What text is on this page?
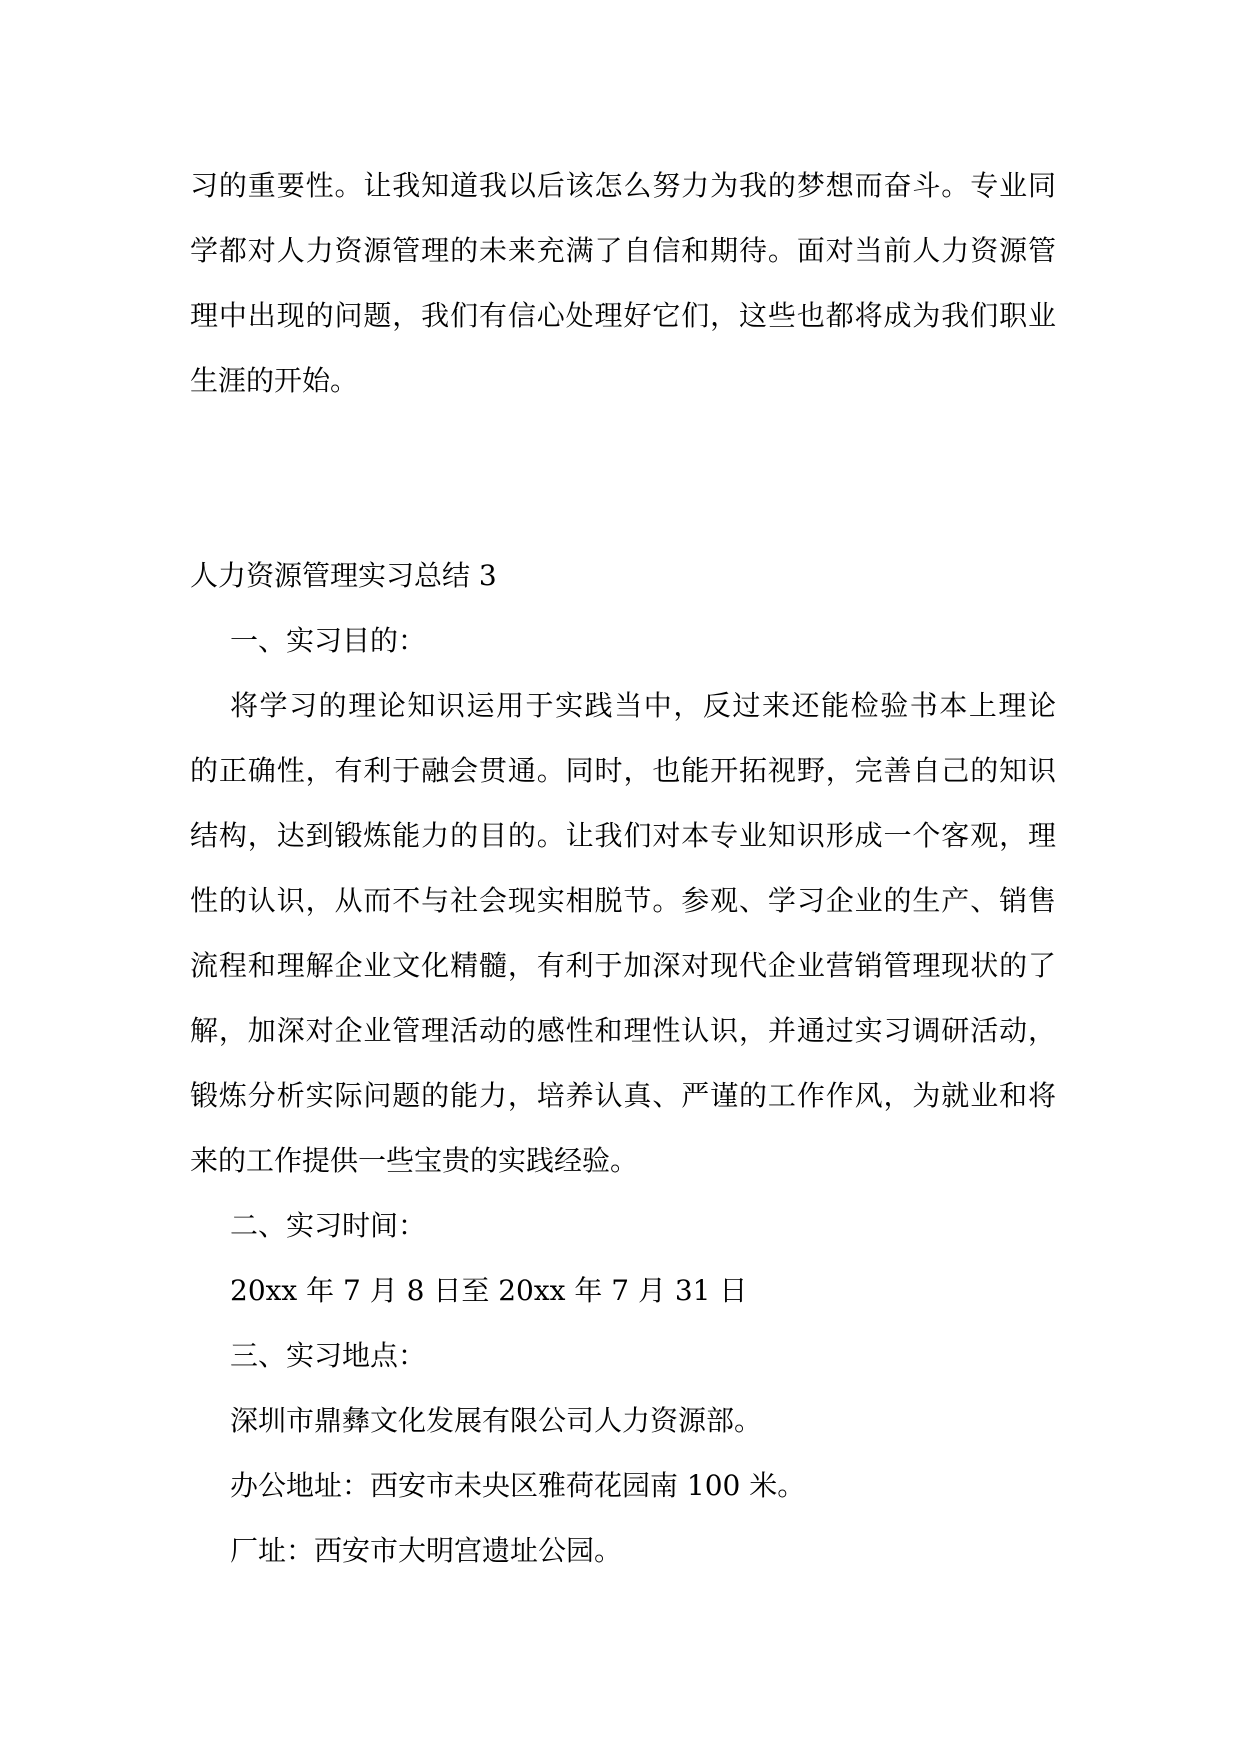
习的重要性。让我知道我以后该怎么努力为我的梦想而奋斗。专业同
学都对人力资源管理的未来充满了自信和期待。面对当前人力资源管
理中出现的问题，我们有信心处理好它们，这些也都将成为我们职业
生涯的开始。
人力资源管理实习总结 3
一、实习目的：
将学习的理论知识运用于实践当中，反过来还能检验书本上理论
的正确性，有利于融会贯通。同时，也能开拓视野，完善自己的知识
结构，达到锻炼能力的目的。让我们对本专业知识形成一个客观，理
性的认识，从而不与社会现实相脱节。参观、学习企业的生产、销售
流程和理解企业文化精髓，有利于加深对现代企业营销管理现状的了
解，加深对企业管理活动的感性和理性认识，并通过实习调研活动，
锻炼分析实际问题的能力，培养认真、严谨的工作作风，为就业和将
来的工作提供一些宝贵的实践经验。
二、实习时间：
20xx 年 7 月 8 日至 20xx 年 7 月 31 日
三、实习地点：
深圳市鼎彝文化发展有限公司人力资源部。
办公地址：西安市未央区雅荷花园南 100 米。
厂址：西安市大明宫遗址公园。
